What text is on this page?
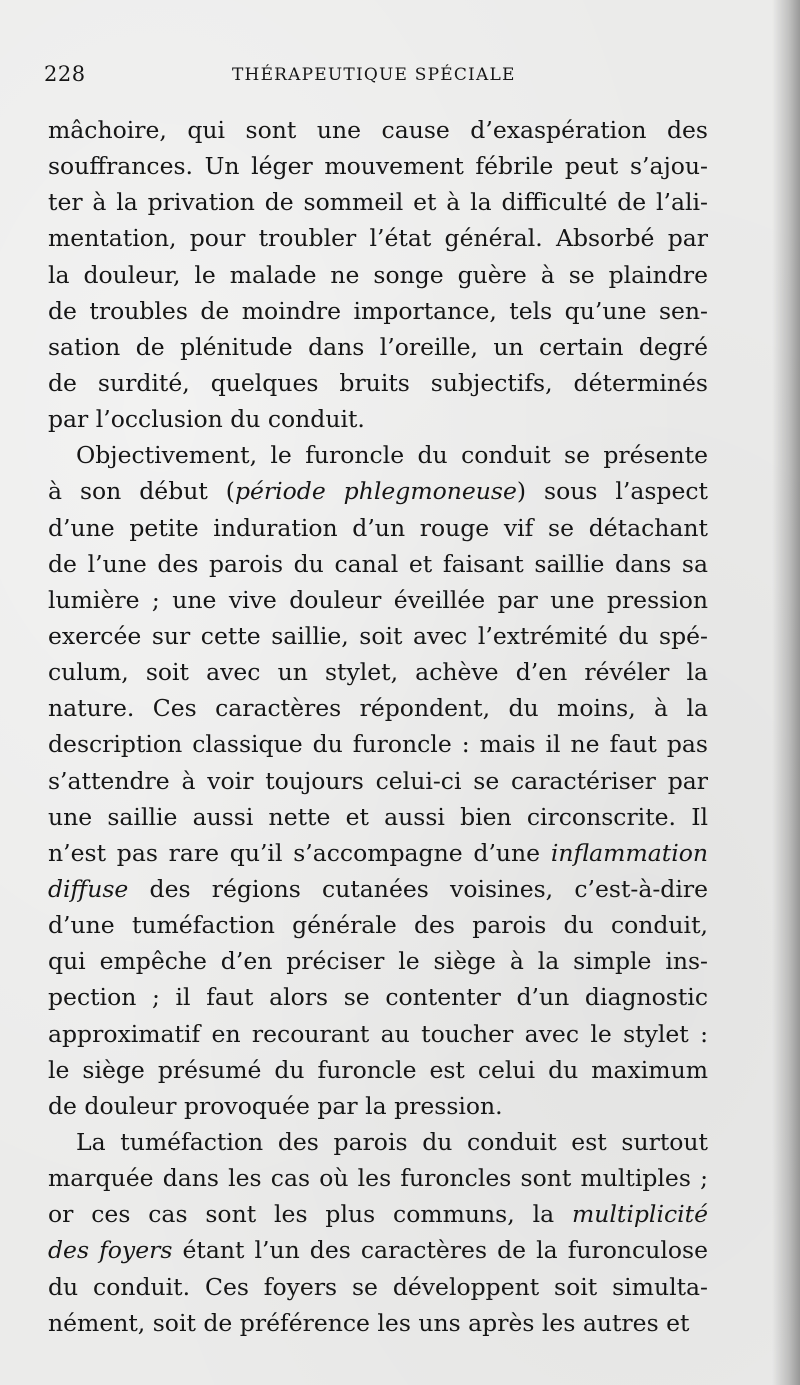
228	THÉRAPEUTIQUE SPÉCIALE
mâchoire, qui sont une cause d’exaspération des
souffrances. Un léger mouvement fébrile peut s’ajou-
ter à la privation de sommeil et à la difficulté de l’ali-
mentation, pour troubler l’état général. Absorbé par
la douleur, le malade ne songe guère à se plaindre
de troubles de moindre importance, tels qu’une sen-
sation de plénitude dans l’oreille, un certain degré
de surdité, quelques bruits subjectifs, déterminés
par l’occlusion du conduit.
Objectivement, le furoncle du conduit se présente
à son début (période phlegmoneuse) sous l’aspect
d’une petite induration d’un rouge vif se détachant
de l’une des parois du canal et faisant saillie dans sa
lumière ; une vive douleur éveillée par une pression
exercée sur cette saillie, soit avec l’extrémité du spé-
culum, soit avec un stylet, achève d’en révéler la
nature. Ces caractères répondent, du moins, à la
description classique du furoncle : mais il ne faut pas
s’attendre à voir toujours celui-ci se caractériser par
une saillie aussi nette et aussi bien circonscrite. Il
n’est pas rare qu’il s’accompagne d’une inflammation
diffuse des régions cutanées voisines, c’est-à-dire
d’une tuméfaction générale des parois du conduit,
qui empêche d’en préciser le siège à la simple ins-
pection ; il faut alors se contenter d’un diagnostic
approximatif en recourant au toucher avec le stylet :
le siège présumé du furoncle est celui du maximum
de douleur provoquée par la pression.
La tuméfaction des parois du conduit est surtout
marquée dans les cas où les furoncles sont multiples ;
or ces cas sont les plus communs, la multiplicité
des foyers étant l’un des caractères de la furonculose
du conduit. Ces foyers se développent soit simulta-
nément, soit de préférence les uns après les autres et
